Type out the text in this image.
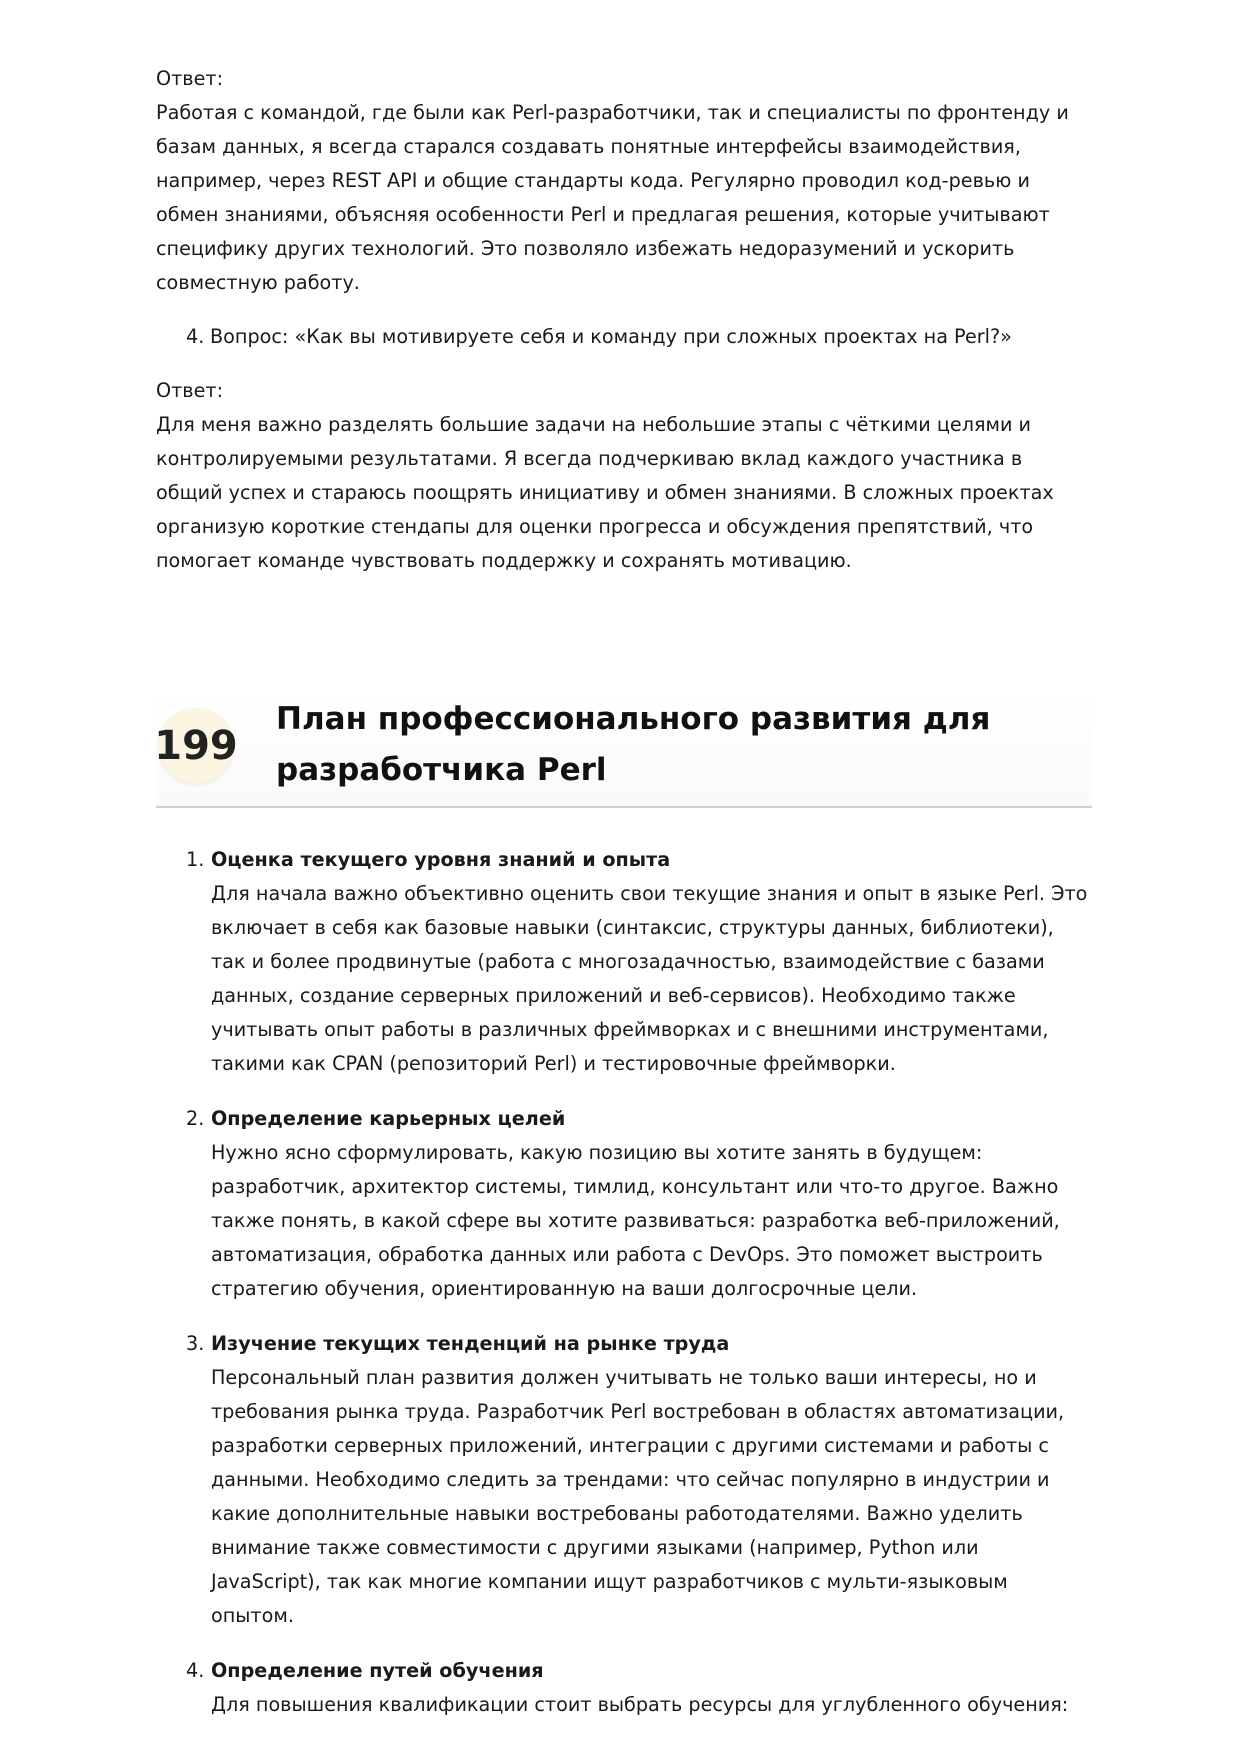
Ответ:

Работая с командой, где были как Perl-разработчики, так и специалисты по фронтенду и базам данных, я всегда старался создавать понятные интерфейсы взаимодействия, например, через REST API и общие стандарты кода. Регулярно проводил код-ревью и обмен знаниями, объясняя особенности Perl и предлагая решения, которые учитывают специфику других технологий. Это позволяло избежать недоразумений и ускорить совместную работу.

4. Вопрос: «Как вы мотивируете себя и команду при сложных проектах на Perl?»

Ответ:

Для меня важно разделять большие задачи на небольшие этапы с чёткими целями и контролируемыми результатами. Я всегда подчеркиваю вклад каждого участника в общий успех и стараюсь поощрять инициативу и обмен знаниями. В сложных проектах организую короткие стендапы для оценки прогресса и обсуждения препятствий, что помогает команде чувствовать поддержку и сохранять мотивацию.

199
План профессионального развития для разработчика Perl
1. Оценка текущего уровня знаний и опыта

Для начала важно объективно оценить свои текущие знания и опыт в языке Perl. Это включает в себя как базовые навыки (синтаксис, структуры данных, библиотеки), так и более продвинутые (работа с многозадачностью, взаимодействие с базами данных, создание серверных приложений и веб-сервисов). Необходимо также учитывать опыт работы в различных фреймворках и с внешними инструментами, такими как CPAN (репозиторий Perl) и тестировочные фреймворки.

2. Определение карьерных целей

Нужно ясно сформулировать, какую позицию вы хотите занять в будущем: разработчик, архитектор системы, тимлид, консультант или что-то другое. Важно также понять, в какой сфере вы хотите развиваться: разработка веб-приложений, автоматизация, обработка данных или работа с DevOps. Это поможет выстроить стратегию обучения, ориентированную на ваши долгосрочные цели.

3. Изучение текущих тенденций на рынке труда

Персональный план развития должен учитывать не только ваши интересы, но и требования рынка труда. Разработчик Perl востребован в областях автоматизации, разработки серверных приложений, интеграции с другими системами и работы с данными. Необходимо следить за трендами: что сейчас популярно в индустрии и какие дополнительные навыки востребованы работодателями. Важно уделить внимание также совместимости с другими языками (например, Python или JavaScript), так как многие компании ищут разработчиков с мульти-языковым опытом.

4. Определение путей обучения

Для повышения квалификации стоит выбрать ресурсы для углубленного обучения:
